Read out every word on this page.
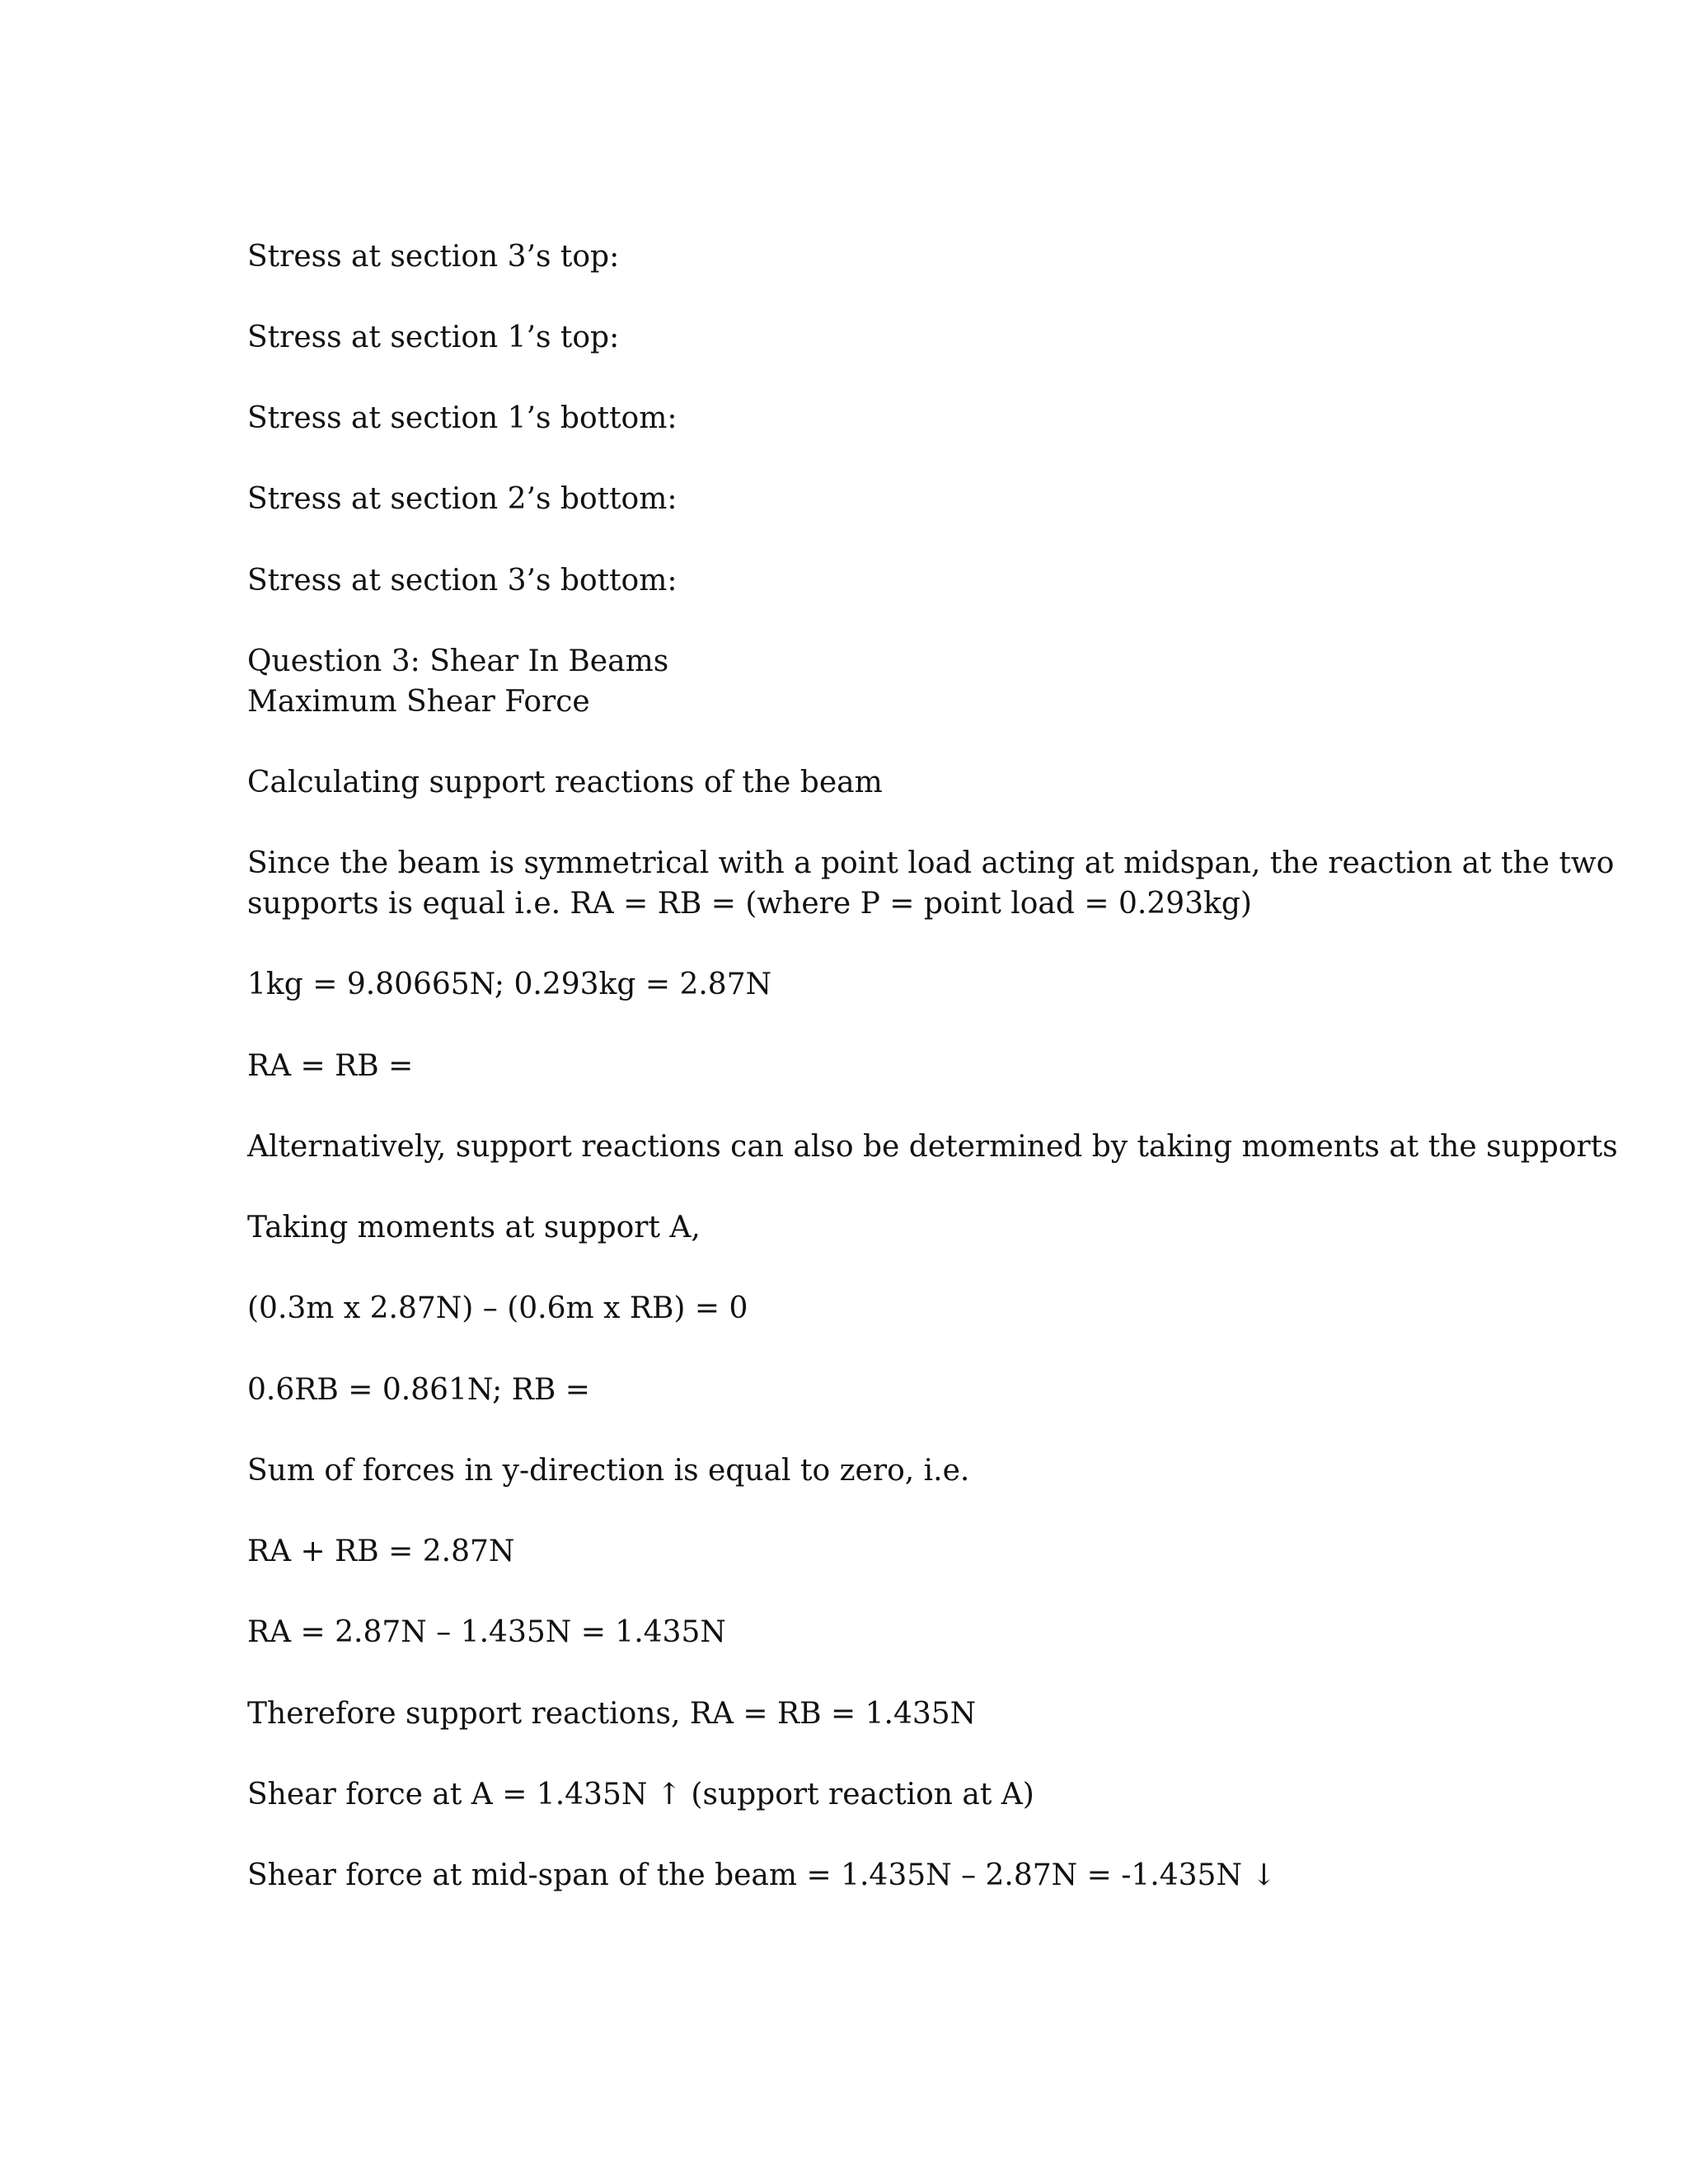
Stress at section 3’s top:
Stress at section 1’s top:
Stress at section 1’s bottom:
Stress at section 2’s bottom:
Stress at section 3’s bottom:
Question 3: Shear In Beams
Maximum Shear Force
Calculating support reactions of the beam
Since the beam is symmetrical with a point load acting at midspan, the reaction at the two
supports is equal i.e. RA = RB = (where P = point load = 0.293kg)
1kg = 9.80665N; 0.293kg = 2.87N
RA = RB =
Alternatively, support reactions can also be determined by taking moments at the supports
Taking moments at support A,
(0.3m x 2.87N) – (0.6m x RB) = 0
0.6RB = 0.861N; RB =
Sum of forces in y-direction is equal to zero, i.e.
RA + RB = 2.87N
RA = 2.87N – 1.435N = 1.435N
Therefore support reactions, RA = RB = 1.435N
Shear force at A = 1.435N ↑ (support reaction at A)
Shear force at mid-span of the beam = 1.435N – 2.87N = -1.435N ↓
